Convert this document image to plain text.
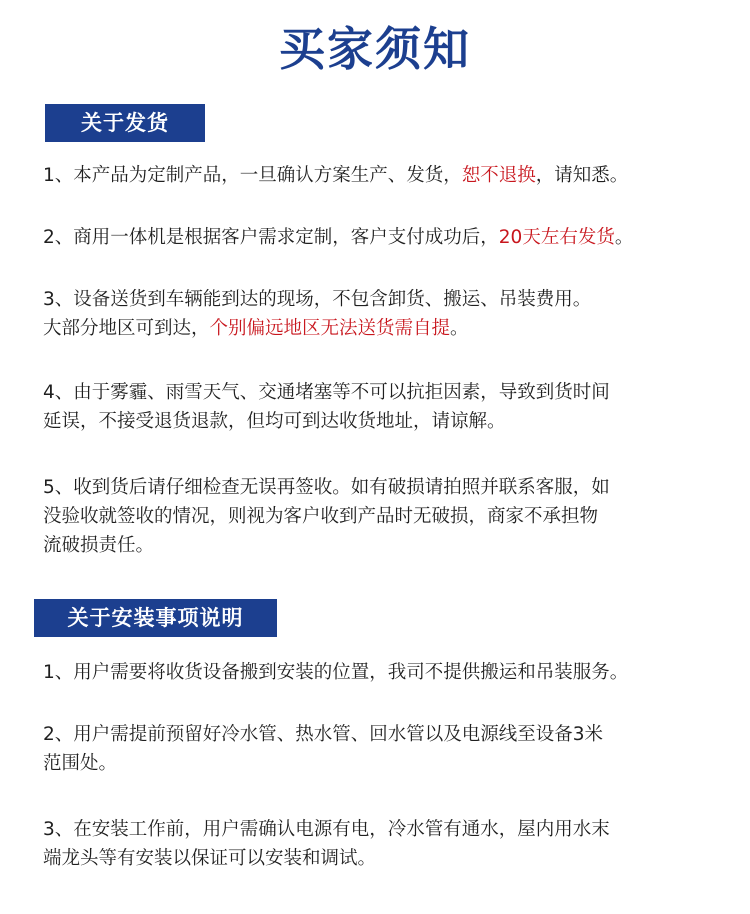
买家须知
关于发货
1、本产品为定制产品，一旦确认方案生产、发货，恕不退换，请知悉。
2、商用一体机是根据客户需求定制，客户支付成功后，20天左右发货。
3、设备送货到车辆能到达的现场，不包含卸货、搬运、吊装费用。
大部分地区可到达，个别偏远地区无法送货需自提。
4、由于雾霾、雨雪天气、交通堵塞等不可以抗拒因素，导致到货时间
延误，不接受退货退款，但均可到达收货地址，请谅解。
5、收到货后请仔细检查无误再签收。如有破损请拍照并联系客服，如
没验收就签收的情况，则视为客户收到产品时无破损，商家不承担物
流破损责任。
关于安装事项说明
1、用户需要将收货设备搬到安装的位置，我司不提供搬运和吊装服务。
2、用户需提前预留好冷水管、热水管、回水管以及电源线至设备3米
范围处。
3、在安装工作前，用户需确认电源有电，冷水管有通水，屋内用水末
端龙头等有安装以保证可以安装和调试。
